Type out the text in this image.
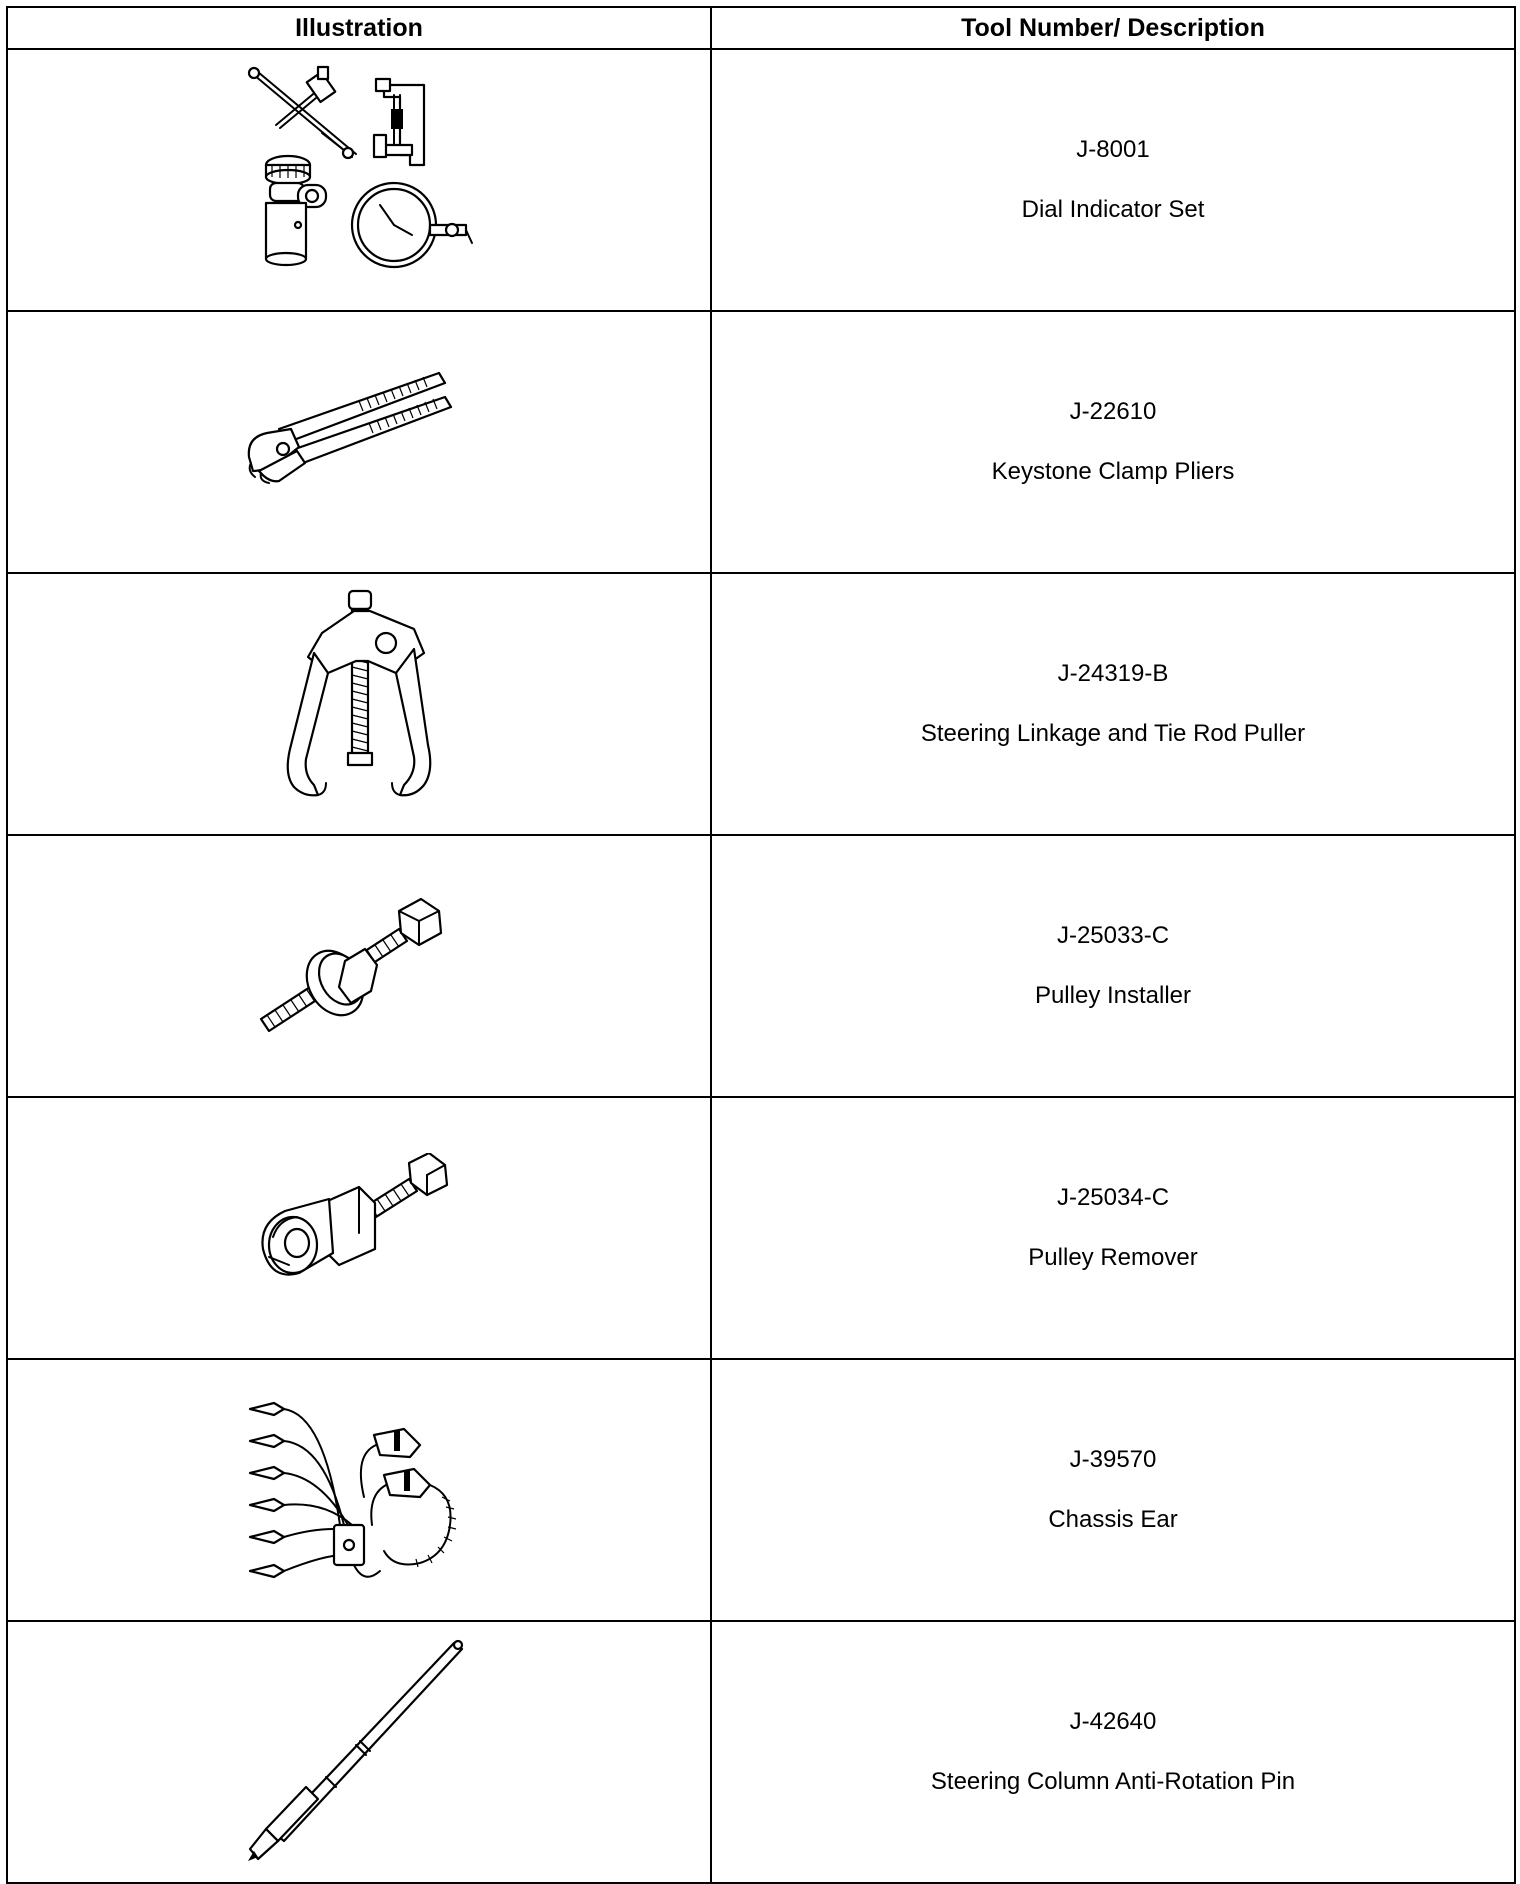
Illustration	Tool Number/ Description

J-8001
Dial Indicator Set

J-22610
Keystone Clamp Pliers

J-24319-B
Steering Linkage and Tie Rod Puller

J-25033-C
Pulley Installer

J-25034-C
Pulley Remover

J-39570
Chassis Ear

J-42640
Steering Column Anti-Rotation Pin
